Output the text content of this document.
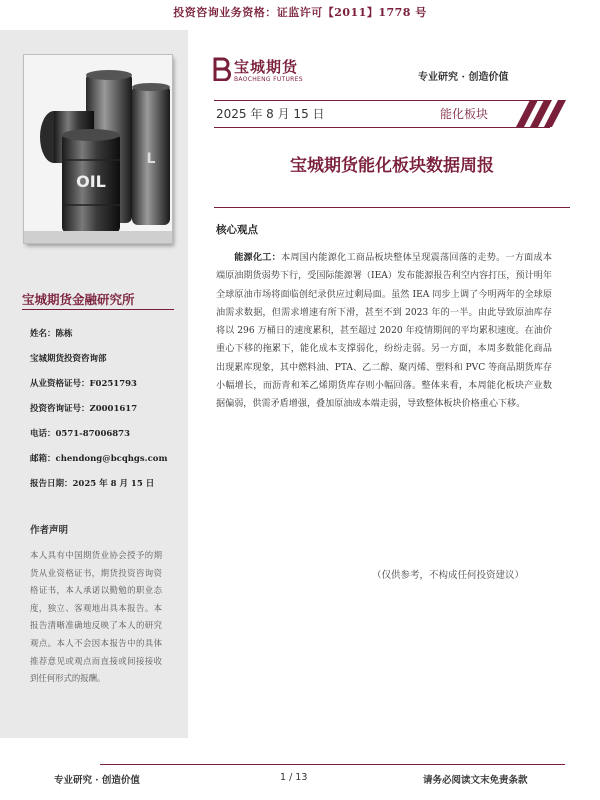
投资咨询业务资格：证监许可【2011】1778 号
OIL
L
宝城期货金融研究所
姓名：陈栋
宝城期货投资咨询部
从业资格证号：F0251793
投资咨询证号：Z0001617
电话：0571-87006873
邮箱：chendong@bcqhgs.com
报告日期：2025 年 8 月 15 日
作者声明
本人具有中国期货业协会授予的期货从业资格证书，期货投资咨询资格证书，本人承诺以勤勉的职业态度，独立、客观地出具本报告。本报告清晰准确地反映了本人的研究观点。本人不会因本报告中的具体推荐意见或观点而直接或间接接收到任何形式的报酬。
宝城期货
BAOCHENG FUTURES	专业研究 · 创造价值
2025 年 8 月 15 日	能化板块
宝城期货能化板块数据周报
核心观点
能源化工：本周国内能源化工商品板块整体呈现震荡回落的走势。一方面成本端原油期货弱势下行，受国际能源署（IEA）发布能源报告利空内容打压，预计明年全球原油市场将面临创纪录供应过剩局面。虽然 IEA 同步上调了今明两年的全球原油需求数据，但需求增速有所下滑，甚至不到 2023 年的一半。由此导致原油库存将以 296 万桶日的速度累积，甚至超过 2020 年疫情期间的平均累积速度。在油价重心下移的拖累下，能化成本支撑弱化，纷纷走弱。另一方面，本周多数能化商品出现累库现象，其中燃料油、PTA、乙二醇、聚丙烯、塑料和 PVC 等商品期货库存小幅增长，而沥青和苯乙烯期货库存则小幅回落。整体来看，本周能化板块产业数据偏弱，供需矛盾增强，叠加原油成本端走弱，导致整体板块价格重心下移。
（仅供参考，不构成任何投资建议）
专业研究 · 创造价值	1 / 13	请务必阅读文末免责条款
